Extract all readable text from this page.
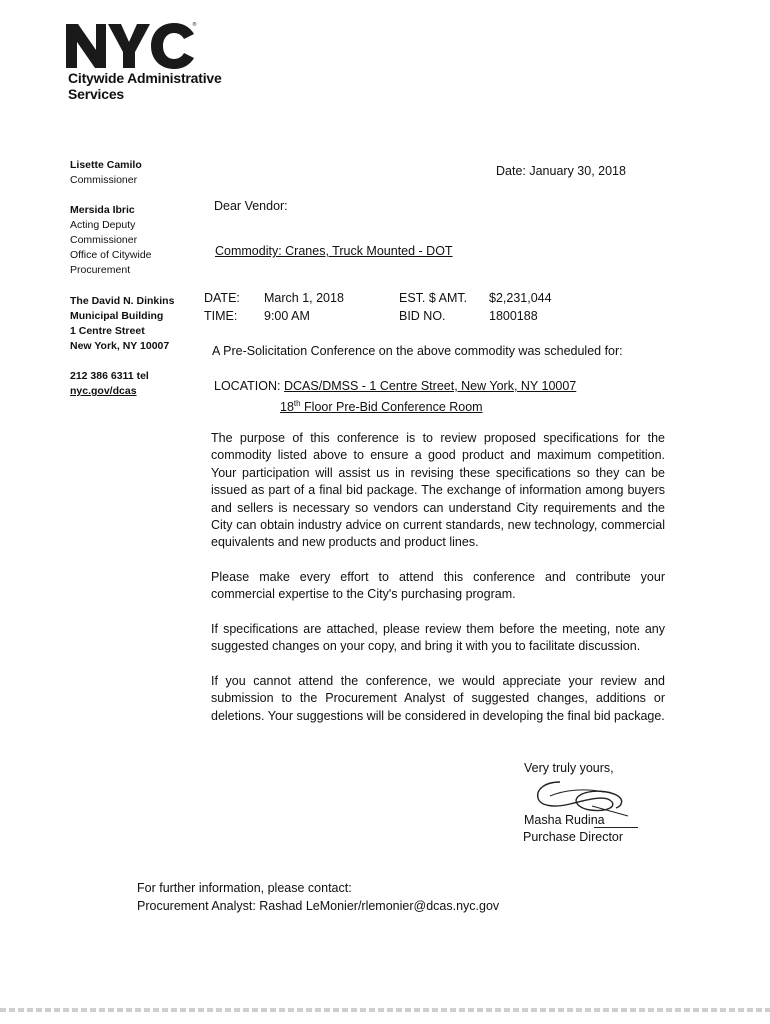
®
Citywide Administrative
Services
Lisette Camilo
Commissioner
Mersida Ibric
Acting Deputy
Commissioner
Office of Citywide
Procurement
The David N. Dinkins
Municipal Building
1 Centre Street
New York, NY 10007
212 386 6311 tel
nyc.gov/dcas
Date: January 30, 2018
Dear Vendor:
Commodity: Cranes, Truck Mounted - DOT
DATE: March 1, 2018	EST. $ AMT. $2,231,044
TIME: 9:00 AM	BID NO.	1800188
A Pre-Solicitation Conference on the above commodity was scheduled for:
LOCATION: DCAS/DMSS - 1 Centre Street, New York, NY 10007
18th Floor Pre-Bid Conference Room

The purpose of this conference is to review proposed specifications for the commodity listed above to ensure a good product and maximum competition. Your participation will assist us in revising these specifications so they can be issued as part of a final bid package. The exchange of information among buyers and sellers is necessary so vendors can understand City requirements and the City can obtain industry advice on current standards, new technology, commercial equivalents and new products and product lines.

Please make every effort to attend this conference and contribute your commercial expertise to the City's purchasing program.

If specifications are attached, please review them before the meeting, note any suggested changes on your copy, and bring it with you to facilitate discussion.

If you cannot attend the conference, we would appreciate your review and submission to the Procurement Analyst of suggested changes, additions or deletions. Your suggestions will be considered in developing the final bid package.

Very truly yours,
Masha Rudina
Purchase Director
For further information, please contact:
Procurement Analyst: Rashad LeMonier/rlemonier@dcas.nyc.gov
